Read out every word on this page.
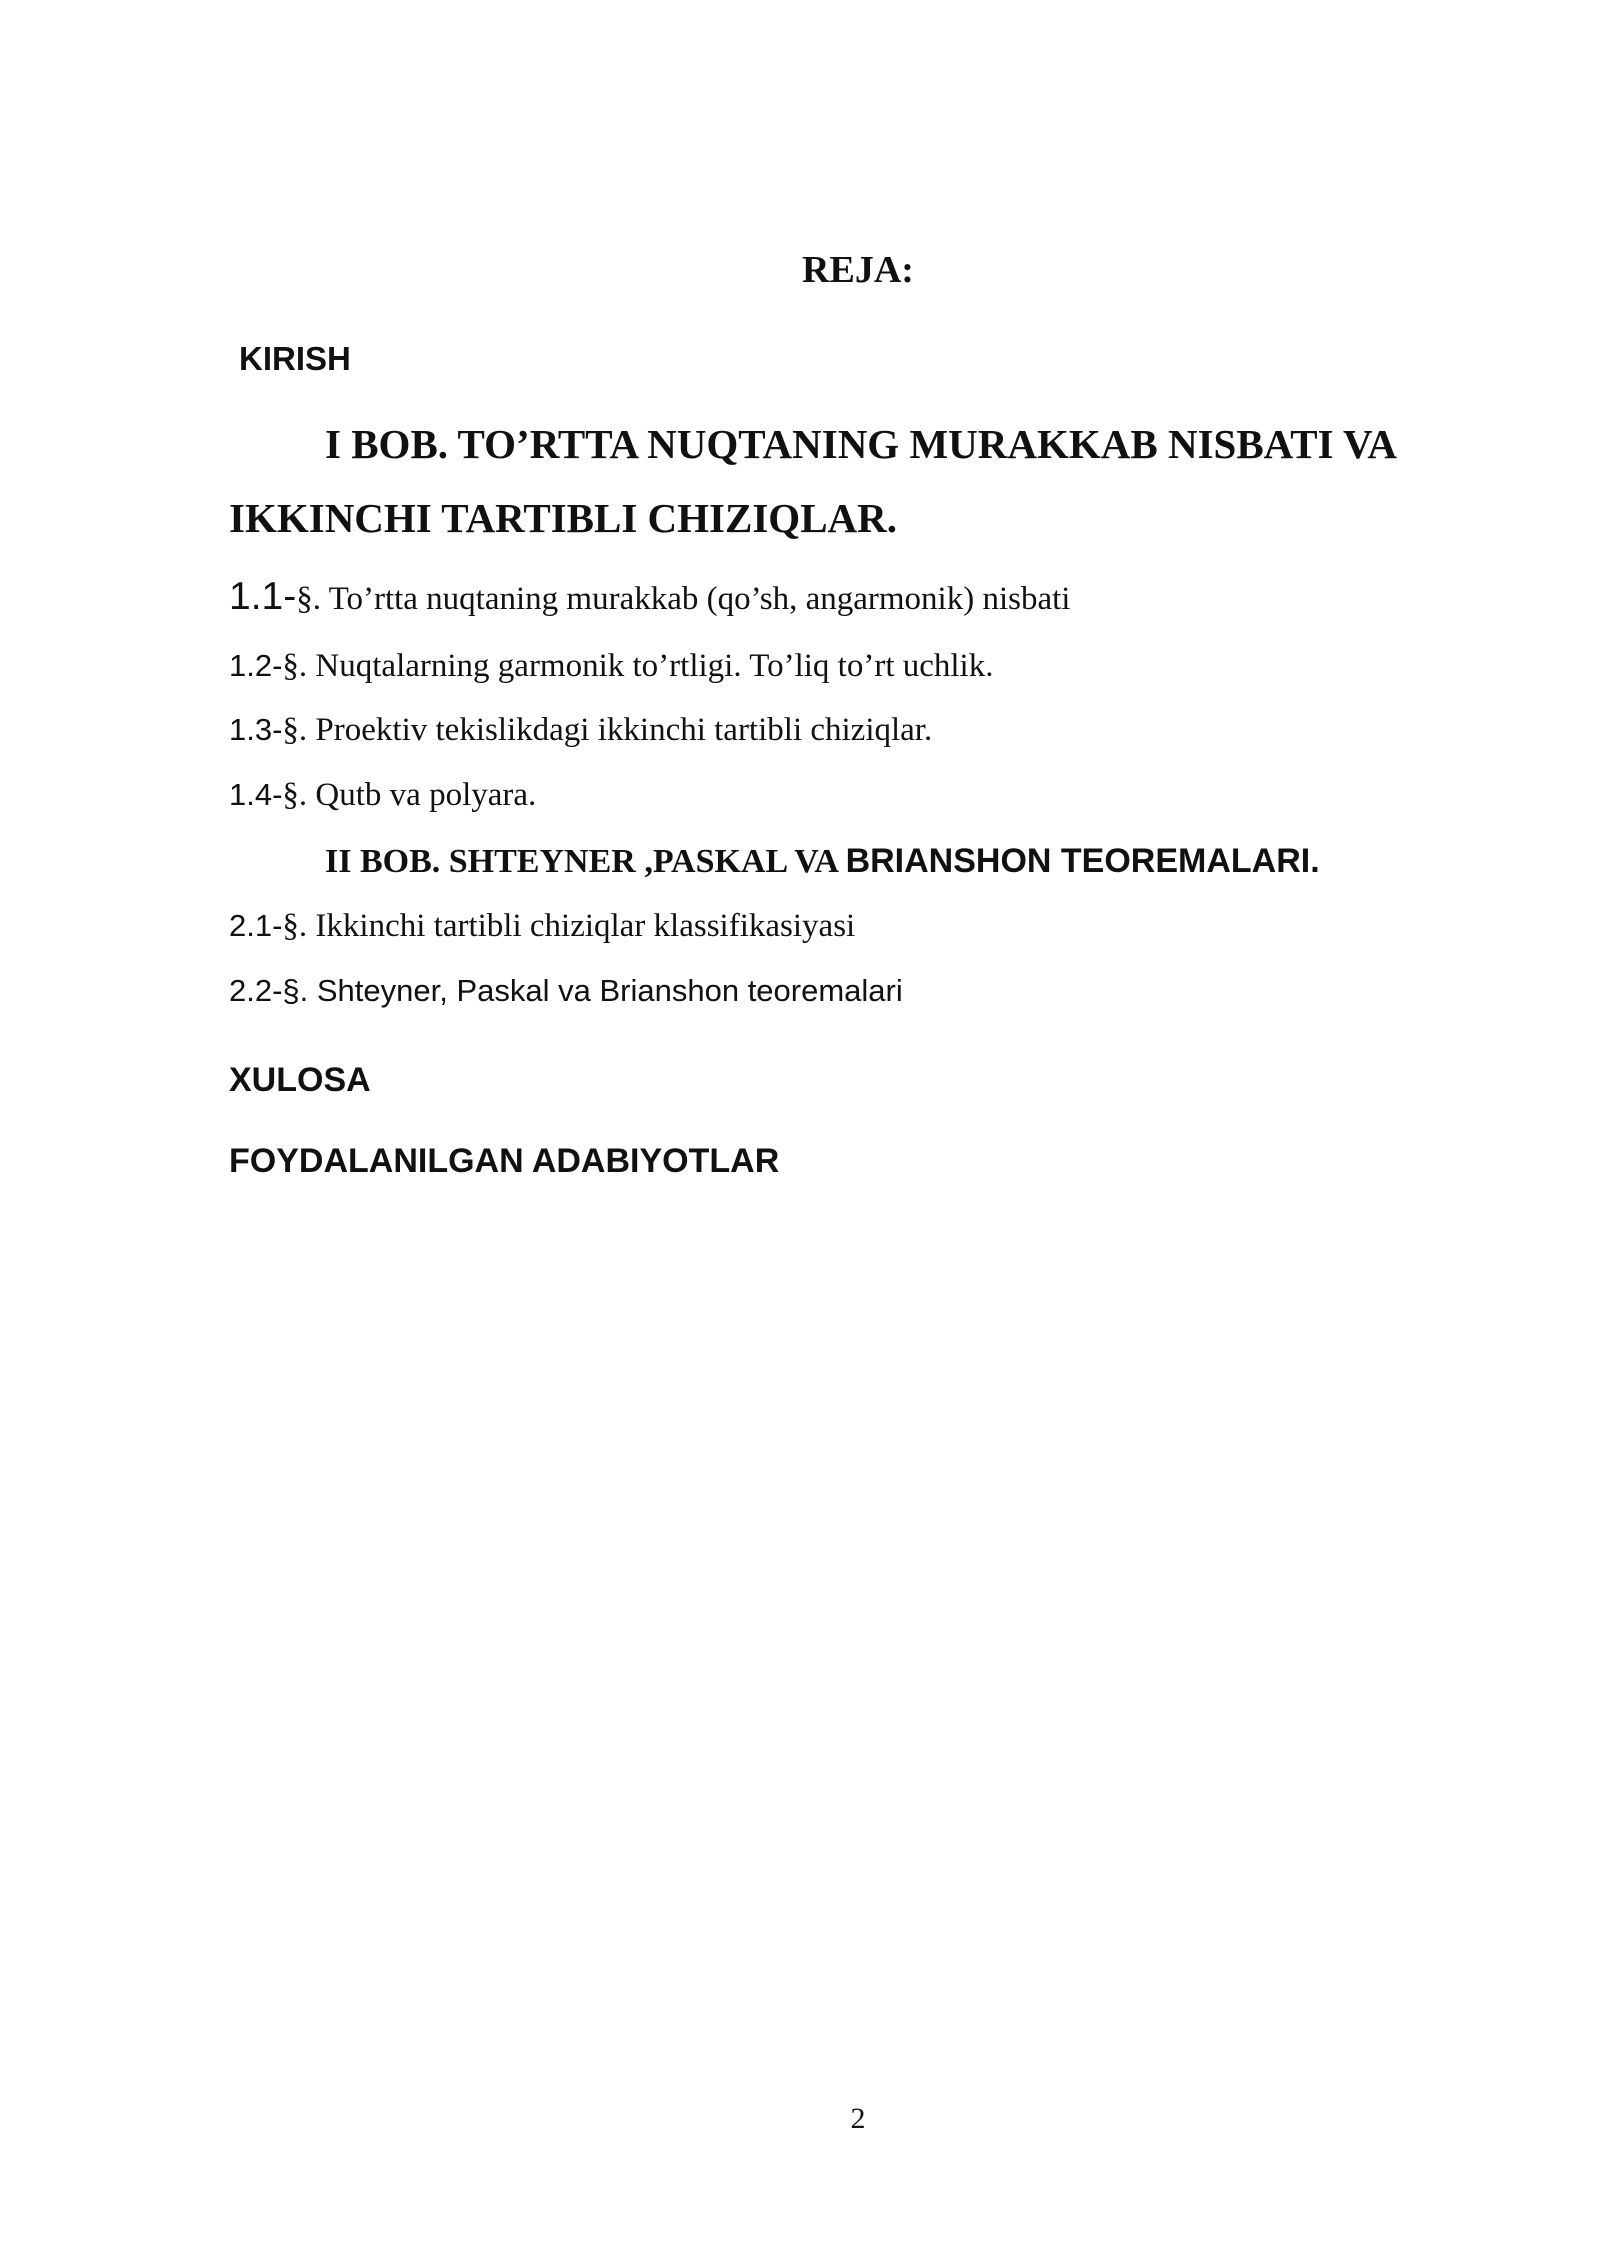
REJA:
KIRISH
I BOB. TO’RTTA NUQTANING MURAKKAB NISBATI VA
IKKINCHI TARTIBLI CHIZIQLAR.
1.1-§. To’rtta nuqtaning murakkab (qo’sh, angarmonik) nisbati
1.2-§. Nuqtalarning garmonik to’rtligi. To’liq to’rt uchlik.
1.3-§. Proektiv tekislikdagi ikkinchi tartibli chiziqlar.
1.4-§. Qutb va polyara.
II BOB. SHTEYNER ,PASKAL VA BRIANSHON TEOREMALARI.
2.1-§. Ikkinchi tartibli chiziqlar klassifikasiyasi
2.2-§. Shteyner, Paskal va Brianshon teoremalari
XULOSA
FOYDALANILGAN ADABIYOTLAR
2
